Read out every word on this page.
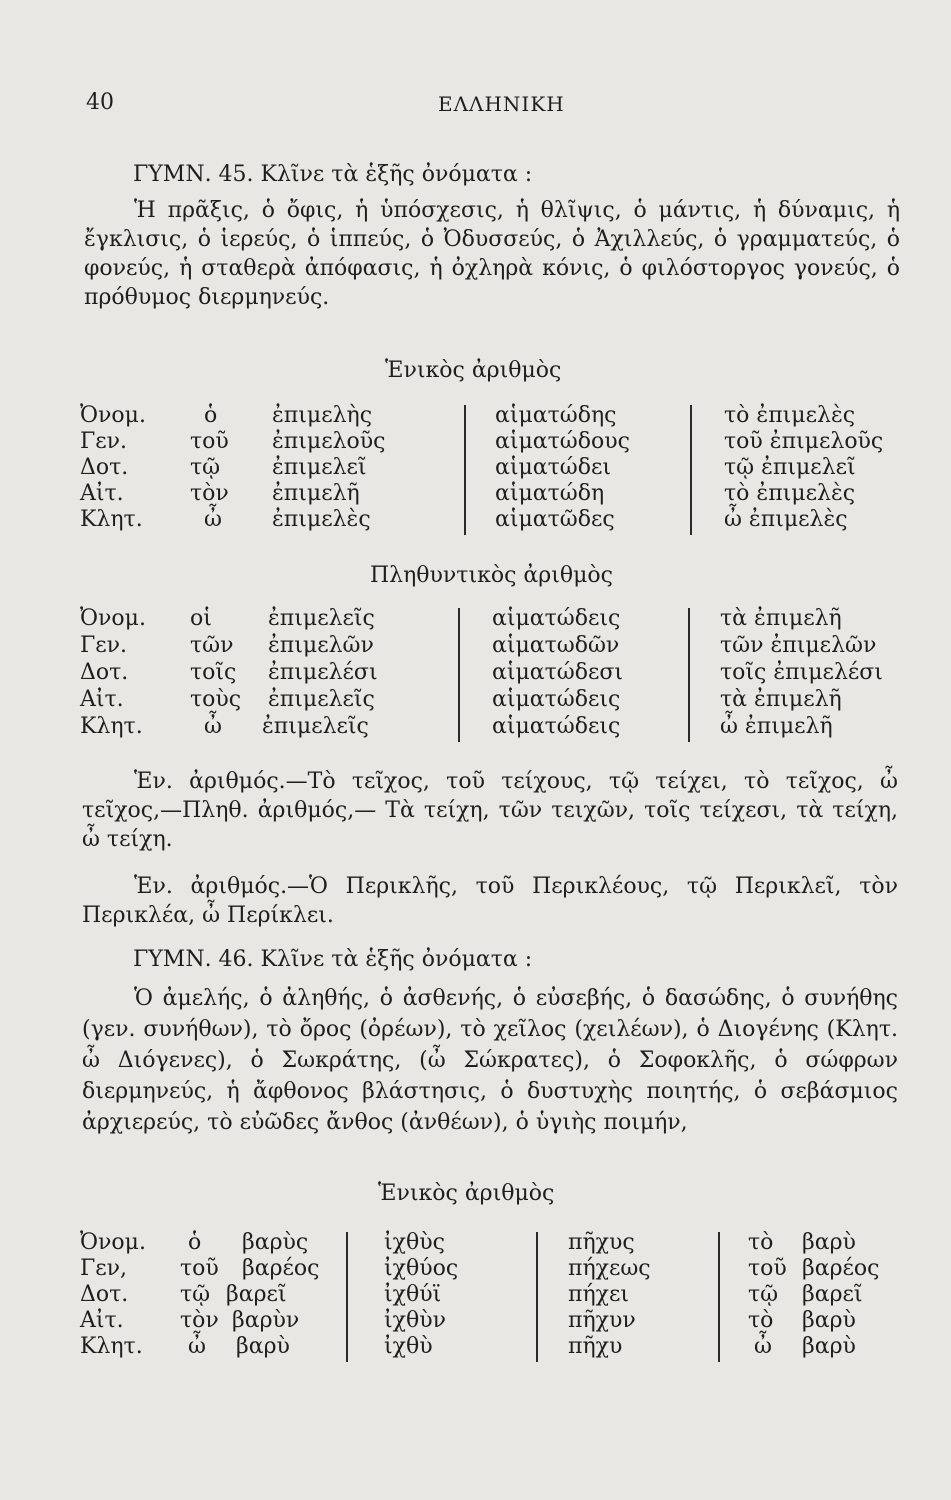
40	ΕΛΛΗΝΙΚΗ
ΓΥΜΝ. 45. Κλῖνε τὰ ἑξῆς ὀνόματα :

Ἡ πρᾶξις, ὁ ὄφις, ἡ ὑπόσχεσις, ἡ θλῖψις, ὁ μάντις, ἡ δύναμις, ἡ ἔγκλισις, ὁ ἱερεύς, ὁ ἱππεύς, ὁ Ὀδυσσεύς, ὁ Ἀχιλλεύς, ὁ γραμματεύς, ὁ φονεύς, ἡ σταθερὰ ἀπόφασις, ἡ ὀχληρὰ κόνις, ὁ φιλόστοργος γονεύς, ὁ πρόθυμος διερμηνεύς.

Ἑνικὸς ἀριθμὸς
Ὀνομ.	ὁ ἐπιμελὴς	αἱματώδης	τὸ ἐπιμελὲς
Γεν.	τοῦ ἐπιμελοῦς	αἱματώδους	τοῦ ἐπιμελοῦς
Δοτ.	τῷ ἐπιμελεῖ	αἱματώδει	τῷ ἐπιμελεῖ
Αἰτ.	τὸν ἐπιμελῆ	αἱματώδη	τὸ ἐπιμελὲς
Κλητ.	ὦ ἐπιμελὲς	αἱματῶδες	ὦ ἐπιμελὲς
Πληθυντικὸς ἀριθμὸς
Ὀνομ. οἱ	ἐπιμελεῖς	αἱματώδεις	τὰ ἐπιμελῆ
Γεν.	τῶν ἐπιμελῶν	αἱματωδῶν	τῶν ἐπιμελῶν
Δοτ.	τοῖς ἐπιμελέσι	αἱματώδεσι	τοῖς ἐπιμελέσι
Αἰτ.	τοὺς ἐπιμελεῖς	αἱματώδεις	τὰ ἐπιμελῆ
Κλητ.	ὦ ἐπιμελεῖς	αἱματώδεις	ὦ ἐπιμελῆ

Ἑν. ἀριθμός.—Τὸ τεῖχος, τοῦ τείχους, τῷ τείχει, τὸ τεῖχος, ὦ τεῖχος,—Πληθ. ἀριθμός,— Τὰ τείχη, τῶν τειχῶν, τοῖς τείχεσι, τὰ τείχη, ὦ τείχη.

Ἑν. ἀριθμός.—Ὁ Περικλῆς, τοῦ Περικλέους, τῷ Περικλεῖ, τὸν Περικλέα, ὦ Περίκλει.

ΓΥΜΝ. 46. Κλῖνε τὰ ἑξῆς ὀνόματα :

Ὁ ἀμελής, ὁ ἀληθής, ὁ ἀσθενής, ὁ εὐσεβής, ὁ δασώδης, ὁ συνήθης (γεν. συνήθων), τὸ ὄρος (ὀρέων), τὸ χεῖλος (χειλέων), ὁ Διογένης (Κλητ. ὦ Διόγενες), ὁ Σωκράτης, (ὦ Σώκρατες), ὁ Σοφοκλῆς, ὁ σώφρων διερμηνεύς, ἡ ἄφθονος βλάστησις, ὁ δυστυχὴς ποιητής, ὁ σεβάσμιος ἀρχιερεύς, τὸ εὐῶδες ἄνθος (ἀνθέων), ὁ ὑγιὴς ποιμήν,

Ἑνικὸς ἀριθμὸς
Ὀνομ. ὁ βαρὺς	ἰχθὺς	πῆχυς	τὸ βαρὺ
Γεν, τοῦ βαρέος	ἰχθύος	πήχεως	τοῦ βαρέος
Δοτ. τῷ βαρεῖ	ἰχθύϊ	πήχει	τῷ βαρεῖ
Αἰτ.	τὸν βαρὺν	ἰχθὺν	πῆχυν	τὸ βαρὺ
Κλητ. ὦ βαρὺ	ἰχθὺ	πῆχυ	ὦ βαρὺ
